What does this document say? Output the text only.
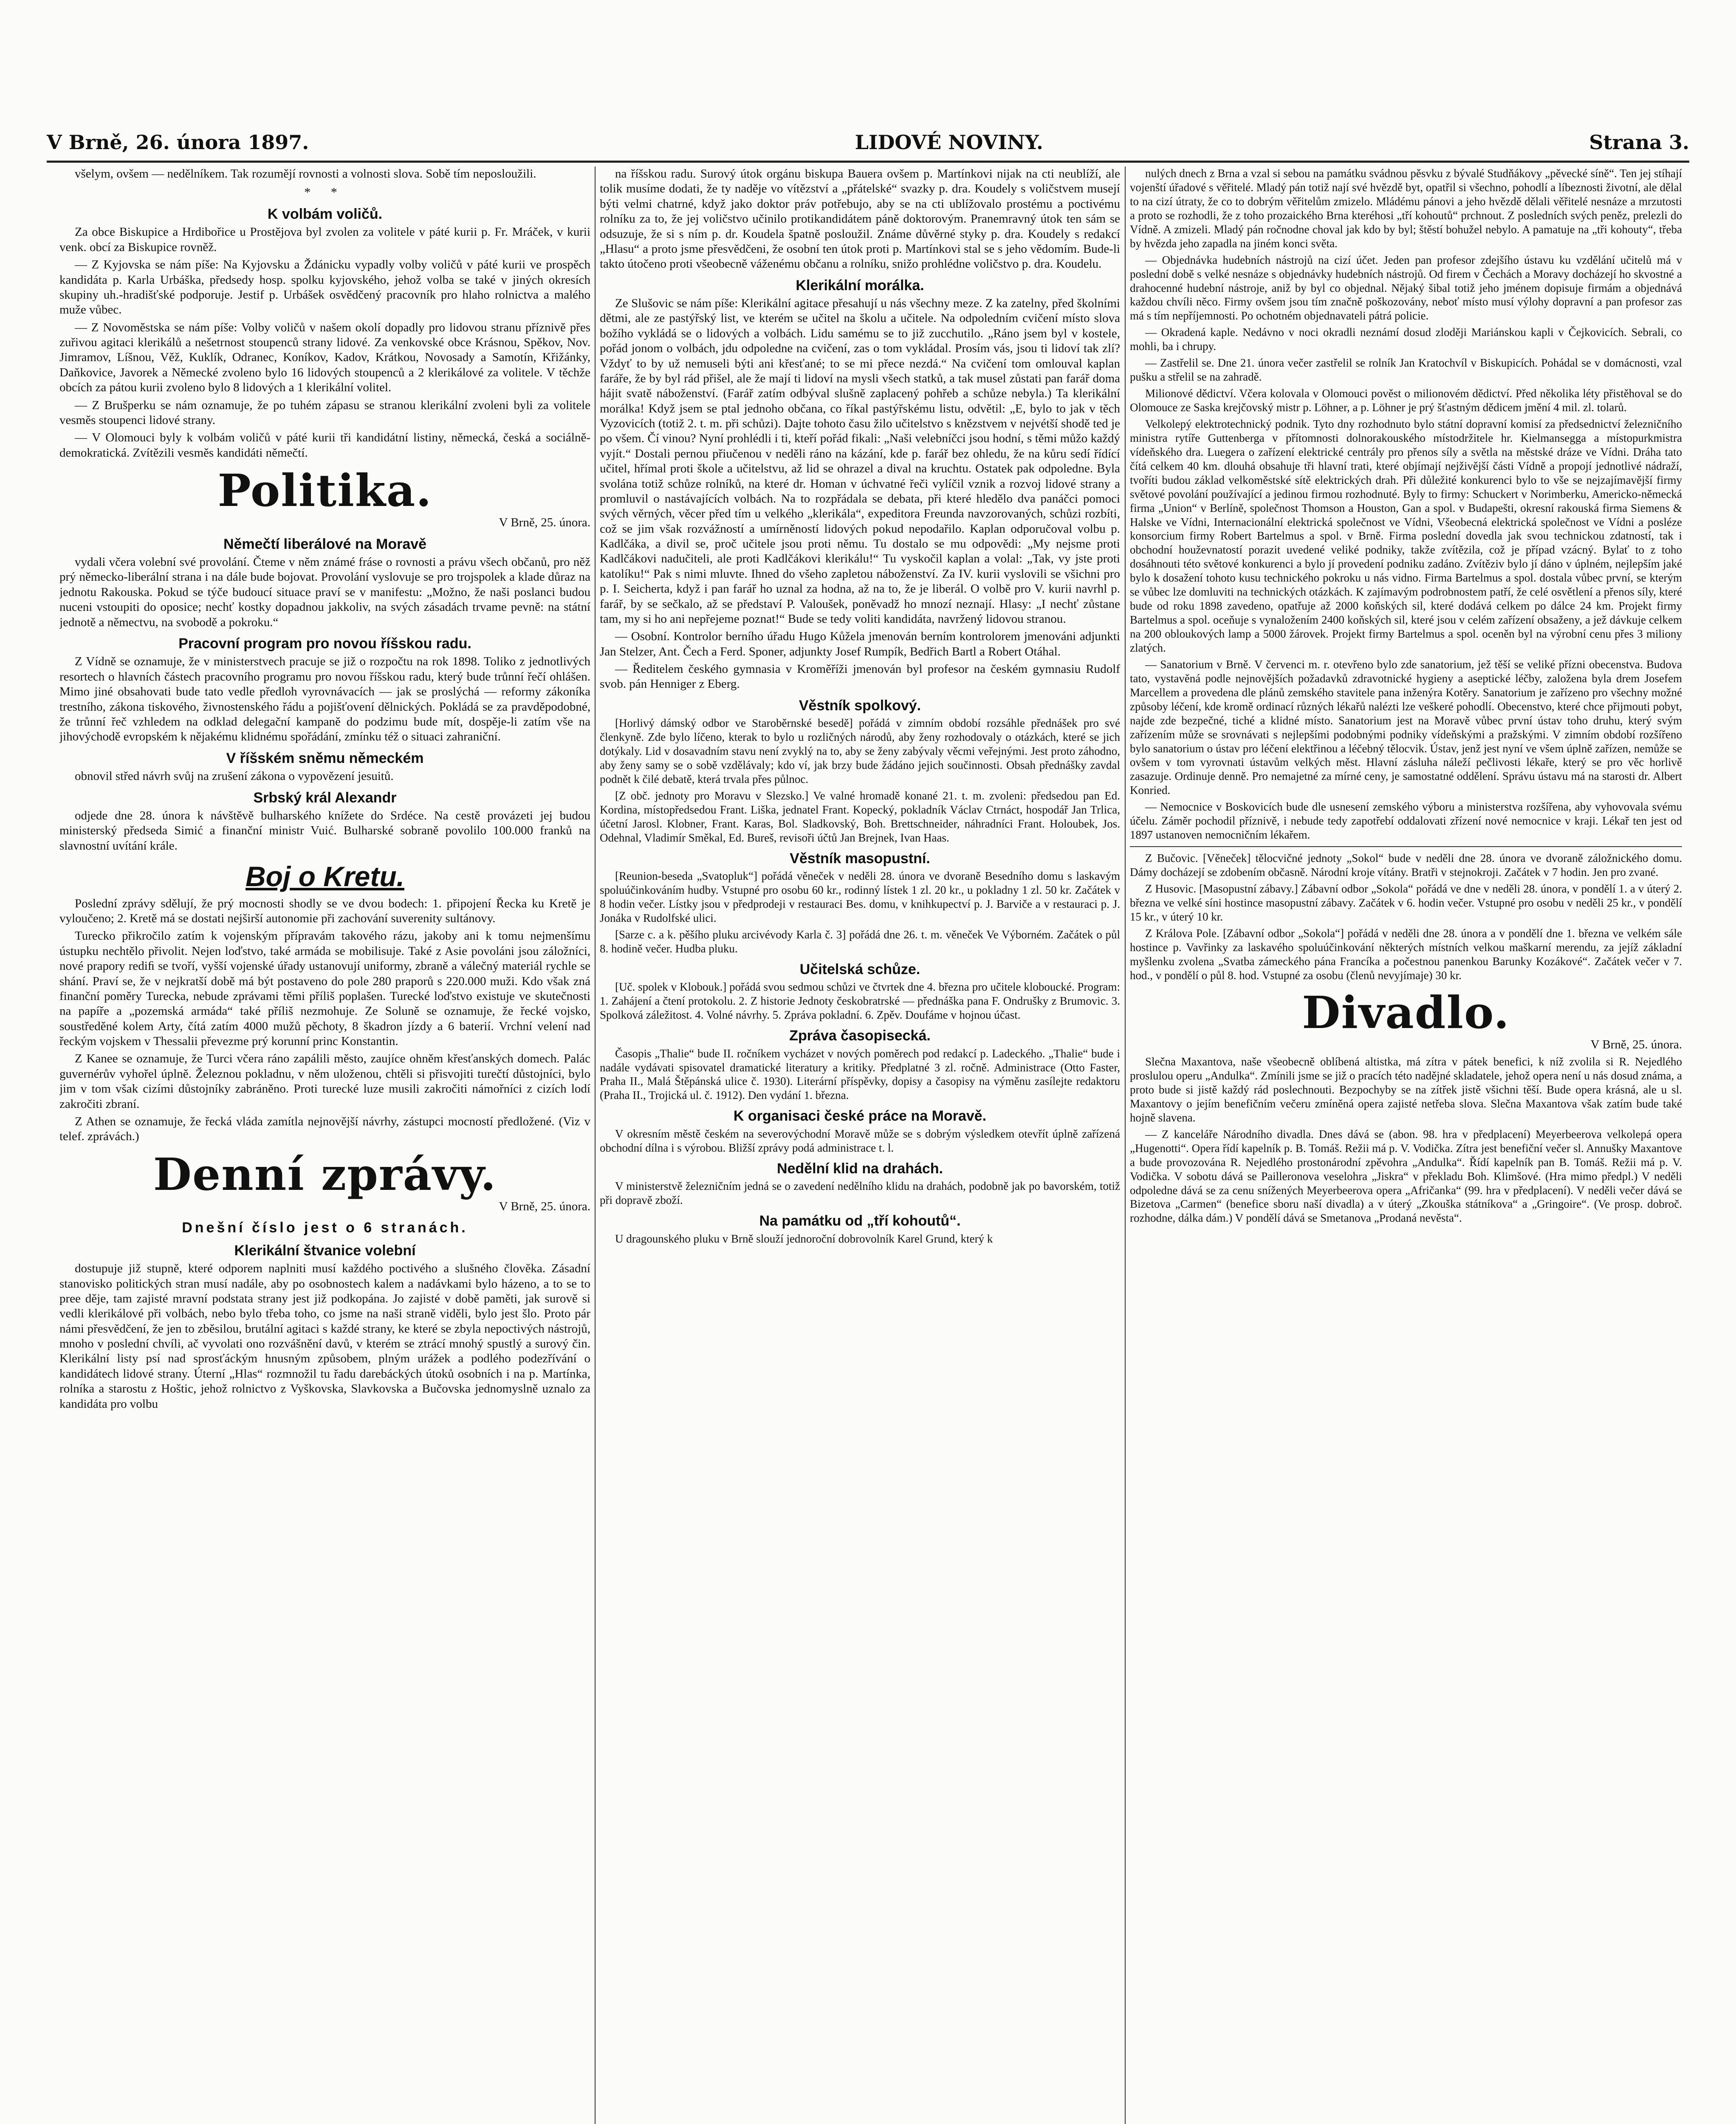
V Brně, 26. února 1897.	LIDOVÉ NOVINY.	Strana 3.

všelym, ovšem — nedělníkem. Tak rozumějí rovnosti a volnosti slova. Sobě tím neposloužili.

* *
K volbám voličů.

Za obce Biskupice a Hrdibořice u Prostějova byl zvolen za volitele v páté kurii p. Fr. Mráček, v kurii venk. obcí za Biskupice rovněž.

— Z Kyjovska se nám píše: Na Kyjovsku a Ždánicku vypadly volby voličů v páté kurii ve prospěch kandidáta p. Karla Urbáška, předsedy hosp. spolku kyjovského, jehož volba se také v jiných okresích skupiny uh.-hradišťské podporuje. Jestif p. Urbášek osvědčený pracovník pro hlaho rolnictva a malého muže vůbec.

— Z Novoměstska se nám píše: Volby voličů v našem okolí dopadly pro lidovou stranu příznivě přes zuřivou agitaci klerikálů a nešetrnost stoupenců strany lidové. Za venkovské obce Krásnou, Spěkov, Nov. Jimramov, Líšnou, Věž, Kuklík, Odranec, Koníkov, Kadov, Krátkou, Novosady a Samotín, Křižánky, Daňkovice, Javorek a Německé zvoleno bylo 16 lidových stoupenců a 2 klerikálové za volitele. V těchže obcích za pátou kurii zvoleno bylo 8 lidových a 1 klerikální volitel.

— Z Brušperku se nám oznamuje, že po tuhém zápasu se stranou klerikální zvoleni byli za volitele vesměs stoupenci lidové strany.

— V Olomouci byly k volbám voličů v páté kurii tři kandidátní listiny, německá, česká a sociálně-demokratická. Zvítězili vesměs kandidáti němečtí.

Politika.
V Brně, 25. února.
Němečtí liberálové na Moravě

vydali včera volební své provolání. Čteme v něm známé fráse o rovnosti a právu všech občanů, pro něž prý německo-liberální strana i na dále bude bojovat. Provolání vyslovuje se pro trojspolek a klade důraz na jednotu Rakouska. Pokud se týče budoucí situace praví se v manifestu: „Možno, že naši poslanci budou nuceni vstoupiti do oposice; nechť kostky dopadnou jakkoliv, na svých zásadách trvame pevně: na státní jednotě a němectvu, na svobodě a pokroku.“

Pracovní program pro novou říšskou radu.

Z Vídně se oznamuje, že v ministerstvech pracuje se již o rozpočtu na rok 1898. Toliko z jednotlivých resortech o hlavních částech pracovního programu pro novou říšskou radu, který bude trůnní řečí ohlášen. Mimo jiné obsahovati bude tato vedle předloh vyrovnávacích — jak se proslýchá — reformy zákoníka trestního, zákona tiskového, živnostenského řádu a pojišťovení dělnických. Pokládá se za pravděpodobné, že trůnní řeč vzhledem na odklad delegační kampaně do podzimu bude mít, dospěje-li zatím vše na jihovýchodě evropském k nějakému klidnému spořádání, zmínku též o situaci zahraniční.

V říšském sněmu německém

obnovil střed návrh svůj na zrušení zákona o vypovězení jesuitů.

Srbský král Alexandr

odjede dne 28. února k návštěvě bulharského knížete do Srdéce. Na cestě provázeti jej budou ministerský předseda Simić a finanční ministr Vuić. Bulharské sobraně povolilo 100.000 franků na slavnostní uvítání krále.

Boj o Kretu.

Poslední zprávy sdělují, že prý mocnosti shodly se ve dvou bodech: 1. připojení Řecka ku Kretě je vyloučeno; 2. Kretě má se dostati nejširší autonomie při zachování suverenity sultánovy.

Turecko přikročilo zatím k vojenským přípravám takového rázu, jakoby ani k tomu nejmenšímu ústupku nechtělo přivolit. Nejen loďstvo, také armáda se mobilisuje. Také z Asie povoláni jsou záložníci, nové prapory rediﬁ se tvoří, vyšší vojenské úřady ustanovují uniformy, zbraně a válečný materiál rychle se shání. Praví se, že v nejkratší době má být postaveno do pole 280 praporů s 220.000 muži. Kdo však zná finanční poměry Turecka, nebude zprávami těmi příliš poplašen. Turecké loďstvo existuje ve skutečnosti na papíře a „pozemská armáda“ také příliš nezmohuje. Ze Soluně se oznamuje, že řecké vojsko, soustředěné kolem Arty, čítá zatím 4000 mužů pěchoty, 8 škadron jízdy a 6 baterií. Vrchní velení nad řeckým vojskem v Thessalii převezme prý korunní princ Konstantin.

Z Kanee se oznamuje, že Turci včera ráno zapálili město, zaujíce ohněm křesťanských domech. Palác guvernérův vyhořel úplně. Železnou pokladnu, v něm uloženou, chtěli si přisvojiti turečtí důstojníci, bylo jim v tom však cizími důstojníky zabráněno. Proti turecké luze musili zakročiti námořníci z cizích lodí zakročiti zbraní.

Z Athen se oznamuje, že řecká vláda zamítla nejnovější návrhy, zástupci mocností předložené. (Viz v telef. zprávách.)

Denní zprávy.
V Brně, 25. února.
Dnešní číslo jest o 6 stranách.
Klerikální štvanice volební

dostupuje již stupně, které odporem naplniti musí každého poctivého a slušného člověka. Zásadní stanovisko politických stran musí nadále, aby po osobnostech kalem a nadávkami bylo házeno, a to se to pree děje, tam zajisté mravní podstata strany jest již podkopána. Jo zajisté v době paměti, jak surově si vedli klerikálové při volbách, nebo bylo třeba toho, co jsme na naši straně viděli, bylo jest šlo. Proto pár námi přesvědčení, že jen to zběsilou, brutální agitaci s každé strany, ke které se zbyla nepoctivých nástrojů, mnoho v poslední chvíli, ač vyvolati ono rozvášnění davů, v kterém se ztrácí mnohý spustlý a surový čin. Klerikální listy psí nad sprosťáckým hnusným způsobem, plným urážek a podlého podezřívání o kandidátech lidové strany. Úterní „Hlas“ rozmnožil tu řadu darebáckých útoků osobních i na p. Martínka, rolníka a starostu z Hoštic, jehož rolnictvo z Vyškovska, Slavkovska a Bučovska jednomyslně uznalo za kandidáta pro volbu

na říšskou radu. Surový útok orgánu biskupa Bauera ovšem p. Martínkovi nijak na cti neublíží, ale tolik musíme dodati, že ty naděje vo vítězství a „přátelské“ svazky p. dra. Koudely s voličstvem musejí býti velmi chatrné, když jako doktor práv potřebujo, aby se na cti ublížovalo prostému a poctivému rolníku za to, že jej voličstvo učinilo protikandidátem páně doktorovým. Pranemravný útok ten sám se odsuzuje, že si s ním p. dr. Koudela špatně posloužil. Známe důvěrné styky p. dra. Koudely s redakcí „Hlasu“ a proto jsme přesvědčeni, že osobní ten útok proti p. Martínkovi stal se s jeho vědomím. Bude-li takto útočeno proti všeobecně váženému občanu a rolníku, snižo prohlédne voličstvo p. dra. Koudelu.

Klerikální morálka.

Ze Slušovic se nám píše: Klerikální agitace přesahují u nás všechny meze. Z ka zatelny, před školními dětmi, ale ze pastýřský list, ve kterém se učitel na školu a učitele. Na odpoledním cvičení místo slova božího vykládá se o lidových a volbách. Lidu samému se to již zucchutilo. „Ráno jsem byl v kostele, pořád jonom o volbách, jdu odpoledne na cvičení, zas o tom vykládal. Prosím vás, jsou ti lidoví tak zlí? Vždyť to by už nemuseli býti ani křesťané; to se mi přece nezdá.“ Na cvičení tom omlouval kaplan faráře, že by byl rád přišel, ale že mají ti lidoví na mysli všech statků, a tak musel zůstati pan farář doma hájit svatě náboženství. (Farář zatím odbýval slušně zaplacený pohřeb a schůze nebyla.) Ta klerikální morálka! Když jsem se ptal jednoho občana, co říkal pastýřskému listu, odvětil: „E, bylo to jak v těch Vyzovicích (totiž 2. t. m. při schůzi). Dajte tohoto času žilo učitelstvo s knězstvem v nejvétší shodě ted je po všem. Čí vinou? Nyní prohlédli i ti, kteří pořád fikali: „Naši velebníčci jsou hodní, s těmi můžo každý vyjít.“ Dostali pernou přiučenou v neděli ráno na kázání, kde p. farář bez ohledu, že na kůru sedí řídící učitel, hřímal proti škole a učitelstvu, až lid se ohrazel a dival na kruchtu. Ostatek pak odpoledne. Byla svolána totiž schůze rolníků, na které dr. Homan v úchvatné řeči vylíčil vznik a rozvoj lidové strany a promluvil o nastávajících volbách. Na to rozpřádala se debata, při které hledělo dva panáčci pomoci svých věrných, věcer před tím u velkého „klerikála“, expeditora Freunda navzorovaných, schůzi rozbíti, což se jim však rozvážností a umírněností lidových pokud nepodařilo. Kaplan odporučoval volbu p. Kadlčáka, a divil se, proč učitele jsou proti němu. Tu dostalo se mu odpovědi: „My nejsme proti Kadlčákovi nadučiteli, ale proti Kadlčákovi klerikálu!“ Tu vyskočil kaplan a volal: „Tak, vy jste proti katolíku!“ Pak s nimi mluvte. Ihned do všeho zapletou náboženství. Za IV. kurii vyslovili se všichni pro p. I. Seicherta, když i pan farář ho uznal za hodna, až na to, že je liberál. O volbě pro V. kurii navrhl p. farář, by se sečkalo, až se představí P. Valoušek, poněvadž ho mnozí neznají. Hlasy: „I nechť zůstane tam, my si ho ani nepřejeme poznat!“ Bude se tedy voliti kandidáta, navržený lidovou stranou.

— Osobní. Kontrolor berního úřadu Hugo Kůžela jmenován berním kontrolorem jmenováni adjunkti Jan Stelzer, Ant. Čech a Ferd. Sponer, adjunkty Josef Rumpík, Bedřich Bartl a Robert Otáhal.

— Ředitelem českého gymnasia v Kroměříži jmenován byl profesor na českém gymnasiu Rudolf svob. pán Henniger z Eberg.

Věstník spolkový.

[Horlivý dámský odbor ve Staroběrnské besedě] pořádá v zimním období rozsáhle přednášek pro své členkyně. Zde bylo líčeno, kterak to bylo u rozličných národů, aby ženy rozhodovaly o otázkách, které se jich dotýkaly. Lid v dosavadním stavu není zvyklý na to, aby se ženy zabývaly věcmi veřejnými. Jest proto záhodno, aby ženy samy se o sobě vzdělávaly; kdo ví, jak brzy bude žádáno jejich součinnosti. Obsah přednášky zavdal podnět k čilé debatě, která trvala přes půlnoc.

[Z obč. jednoty pro Moravu v Slezsko.] Ve valné hromadě konané 21. t. m. zvoleni: předsedou pan Ed. Kordina, místopředsedou Frant. Liška, jednatel Frant. Kopecký, pokladník Václav Ctrnáct, hospodář Jan Trlica, účetní Jarosl. Klobner, Frant. Karas, Bol. Sladkovský, Boh. Brettschneider, náhradníci Frant. Holoubek, Jos. Odehnal, Vladimír Směkal, Ed. Bureš, revisoři účtů Jan Brejnek, Ivan Haas.

Věstník masopustní.

[Reunion-beseda „Svatopluk“] pořádá věneček v neděli 28. února ve dvoraně Besedního domu s laskavým spoluúčinkováním hudby. Vstupné pro osobu 60 kr., rodinný lístek 1 zl. 20 kr., u pokladny 1 zl. 50 kr. Začátek v 8 hodin večer. Lístky jsou v předprodeji v restauraci Bes. domu, v knihkupectví p. J. Barviče a v restauraci p. J. Jonáka v Rudolfské ulici.

[Sarze c. a k. pěšího pluku arcivévody Karla č. 3] pořádá dne 26. t. m. věneček Ve Výborném. Začátek o půl 8. hodině večer. Hudba pluku.

Učitelská schůze.

[Uč. spolek v Klobouk.] pořádá svou sedmou schůzi ve čtvrtek dne 4. března pro učitele kloboucké. Program: 1. Zahájení a čtení protokolu. 2. Z historie Jednoty českobratrské — přednáška pana F. Ondrušky z Brumovic. 3. Spolková záležitost. 4. Volné návrhy. 5. Zpráva pokladní. 6. Zpěv. Doufáme v hojnou účast.

Zpráva časopisecká.

Časopis „Thalie“ bude II. ročníkem vycházet v nových poměrech pod redakcí p. Ladeckého. „Thalie“ bude i nadále vydávati spisovatel dramatické literatury a kritiky. Předplatné 3 zl. ročně. Administrace (Otto Faster, Praha II., Malá Štěpánská ulice č. 1930). Literární příspěvky, dopisy a časopisy na výměnu zasílejte redaktoru (Praha II., Trojická ul. č. 1912). Den vydání 1. března.

K organisaci české práce na Moravě.

V okresním městě českém na severovýchodní Moravě může se s dobrým výsledkem otevřít úplně zařízená obchodní dílna i s výrobou. Bližší zprávy podá administrace t. l.

Nedělní klid na drahách.

V ministerstvě železničním jedná se o zavedení nedělního klidu na drahách, podobně jak po bavorském, totiž při dopravě zboží.

Na památku od „tří kohoutů“.

U dragounského pluku v Brně slouží jednoroční dobrovolník Karel Grund, který k

nulých dnech z Brna a vzal si sebou na památku svádnou pěsvku z bývalé Studňákovy „pěvecké síně“. Ten jej stíhají vojenští úřadové s věřitelé. Mladý pán totiž nají své hvězdě byt, opatřil si všechno, pohodlí a líbeznosti životní, ale dělal to na cizí útraty, že co to dobrým věřitelům zmizelo. Mládému pánovi a jeho hvězdě dělali věřitelé nesnáze a mrzutosti a proto se rozhodli, že z toho prozaického Brna kteréhosi „tří kohoutů“ prchnout. Z posledních svých peněz, prelezli do Vídně. A zmizeli. Mladý pán ročnodne choval jak kdo by byl; štěstí bohužel nebylo. A pamatuje na „tři kohouty“, třeba by hvězda jeho zapadla na jiném konci světa.

— Objednávka hudebních nástrojů na cizí účet. Jeden pan profesor zdejšího ústavu ku vzdělání učitelů má v poslední době s velké nesnáze s objednávky hudebních nástrojů. Od firem v Čechách a Moravy docházejí ho skvostné a drahocenné hudební nástroje, aniž by byl co objednal. Nějaký šibal totiž jeho jménem dopisuje firmám a objednává každou chvíli něco. Firmy ovšem jsou tím značně poškozovány, neboť místo musí výlohy dopravní a pan profesor zas má s tím nepříjemnosti. Po ochotném objednavateli pátrá policie.

— Okradená kaple. Nedávno v noci okradli neznámí dosud zloději Mariánskou kapli v Čejkovicích. Sebrali, co mohli, ba i chrupy.

— Zastřelil se. Dne 21. února večer zastřelil se rolník Jan Kratochvíl v Biskupicích. Pohádal se v domácnosti, vzal pušku a střelil se na zahradě.

Milionové dědictví. Včera kolovala v Olomouci pověst o milionovém dědictví. Před několika léty přistěhoval se do Olomouce ze Saska krejčovský mistr p. Löhner, a p. Löhner je prý šťastným dědicem jmění 4 mil. zl. tolarů.

Velkolepý elektrotechnický podnik. Tyto dny rozhodnuto bylo státní dopravní komisí za předsednictví železničního ministra rytíře Guttenberga v přítomnosti dolnorakouského místodržitele hr. Kielmansegga a místopurkmistra vídeňského dra. Luegera o zařízení elektrické centrály pro přenos síly a světla na městské dráze ve Vídni. Dráha tato čítá celkem 40 km. dlouhá obsahuje tři hlavní trati, které objímají nejživější části Vídně a propojí jednotlivé nádraží, tvoříti budou základ velkoměstské sítě elektrických drah. Při důležité konkurenci bylo to vše se nejzajímavější firmy světové povolání používající a jedinou firmou rozhodnuté. Byly to firmy: Schuckert v Norimberku, Americko-německá firma „Union“ v Berlíně, společnost Thomson a Houston, Gan a spol. v Budapešti, okresní rakouská firma Siemens & Halske ve Vídni, Internacionální elektrická společnost ve Vídni, Všeobecná elektrická společnost ve Vídni a posléze konsorcium firmy Robert Bartelmus a spol. v Brně. Firma poslední dovedla jak svou technickou zdatností, tak i obchodní houževnatostí porazit uvedené veliké podniky, takže zvítězila, což je případ vzácný. Bylať to z toho dosáhnouti této světové konkurenci a bylo jí provedení podniku zadáno. Zvítěziv bylo jí dáno v úplném, nejlepším jaké bylo k dosažení tohoto kusu technického pokroku u nás vidno. Firma Bartelmus a spol. dostala vůbec první, se kterým se vůbec lze domluviti na technických otázkách. K zajímavým podrobnostem patří, že celé osvětlení a přenos síly, které bude od roku 1898 zavedeno, opatřuje až 2000 koňských sil, které dodává celkem po dálce 24 km. Projekt firmy Bartelmus a spol. oceňuje s vynaložením 2400 koňských sil, které jsou v celém zařízení obsaženy, a jež dávkuje celkem na 200 obloukových lamp a 5000 žárovek. Projekt firmy Bartelmus a spol. oceněn byl na výrobní cenu přes 3 miliony zlatých.

— Sanatorium v Brně. V červenci m. r. otevřeno bylo zde sanatorium, jež těší se veliké přízni obecenstva. Budova tato, vystavěná podle nejnovějších požadavků zdravotnické hygieny a aseptické léčby, založena byla drem Josefem Marcellem a provedena dle plánů zemského stavitele pana inženýra Kotěry. Sanatorium je zařízeno pro všechny možné způsoby léčení, kde kromě ordinací různých lékařů nalézti lze veškeré pohodlí. Obecenstvo, které chce přijmouti pobyt, najde zde bezpečné, tiché a klidné místo. Sanatorium jest na Moravě vůbec první ústav toho druhu, který svým zařízením může se srovnávati s nejlepšími podobnými podniky vídeňskými a pražskými. V zimním období rozšířeno bylo sanatorium o ústav pro léčení elektřinou a léčebný tělocvik. Ústav, jenž jest nyní ve všem úplně zařízen, nemůže se ovšem v tom vyrovnati ústavům velkých měst. Hlavní zásluha náleží pečlivosti lékaře, který se pro věc horlivě zasazuje. Ordinuje denně. Pro nemajetné za mírné ceny, je samostatné oddělení. Správu ústavu má na starosti dr. Albert Konried.

— Nemocnice v Boskovicích bude dle usnesení zemského výboru a ministerstva rozšířena, aby vyhovovala svému účelu. Záměr pochodil příznivě, i nebude tedy zapotřebí oddalovati zřízení nové nemocnice v kraji. Lékař ten jest od 1897 ustanoven nemocničním lékařem.

Z Bučovic. [Věneček] tělocvičné jednoty „Sokol“ bude v neděli dne 28. února ve dvoraně záložnického domu. Dámy docházejí se zdobením občasně. Národní kroje vítány. Bratři v stejnokroji. Začátek v 7 hodin. Jen pro zvané.

Z Husovic. [Masopustní zábavy.] Zábavní odbor „Sokola“ pořádá ve dne v neděli 28. února, v pondělí 1. a v úterý 2. března ve velké síni hostince masopustní zábavy. Začátek v 6. hodin večer. Vstupné pro osobu v neděli 25 kr., v pondělí 15 kr., v úterý 10 kr.

Z Králova Pole. [Zábavní odbor „Sokola“] pořádá v neděli dne 28. února a v pondělí dne 1. března ve velkém sále hostince p. Vavřinky za laskavého spoluúčinkování některých místních velkou maškarní merendu, za jejíž základní myšlenku zvolena „Svatba zámeckého pána Francíka a počestnou panenkou Barunky Kozákové“. Začátek večer v 7. hod., v pondělí o půl 8. hod. Vstupné za osobu (členů nevyjímaje) 30 kr.

Divadlo.
V Brně, 25. února.

Slečna Maxantova, naše všeobecně oblíbená altistka, má zítra v pátek benefici, k níž zvolila si R. Nejedlého proslulou operu „Andulka“. Zmínili jsme se již o pracích této nadějné skladatele, jehož opera není u nás dosud známa, a proto bude si jistě každý rád poslechnouti. Bezpochyby se na zítřek jistě všichni těší. Bude opera krásná, ale u sl. Maxantovy o jejím benefičním večeru zmíněná opera zajisté netřeba slova. Slečna Maxantova však zatím bude také hojně slavena.

— Z kanceláře Národního divadla. Dnes dává se (abon. 98. hra v předplacení) Meyerbeerova velkolepá opera „Hugenotti“. Opera řídí kapelník p. B. Tomáš. Režii má p. V. Vodička. Zítra jest benefiční večer sl. Annušky Maxantove a bude provozována R. Nejedlého prostonárodní zpěvohra „Andulka“. Řídí kapelník pan B. Tomáš. Režii má p. V. Vodička. V sobotu dává se Pailleronova veselohra „Jiskra“ v překladu Boh. Klimšové. (Hra mimo předpl.) V neděli odpoledne dává se za cenu snížených Meyerbeerova opera „Afričanka“ (99. hra v předplacení). V neděli večer dává se Bizetova „Carmen“ (benefice sboru naší divadla) a v úterý „Zkouška státníkova“ a „Gringoire“. (Ve prosp. dobroč. rozhodne, dálka dám.) V pondělí dává se Smetanova „Prodaná nevěsta“.
